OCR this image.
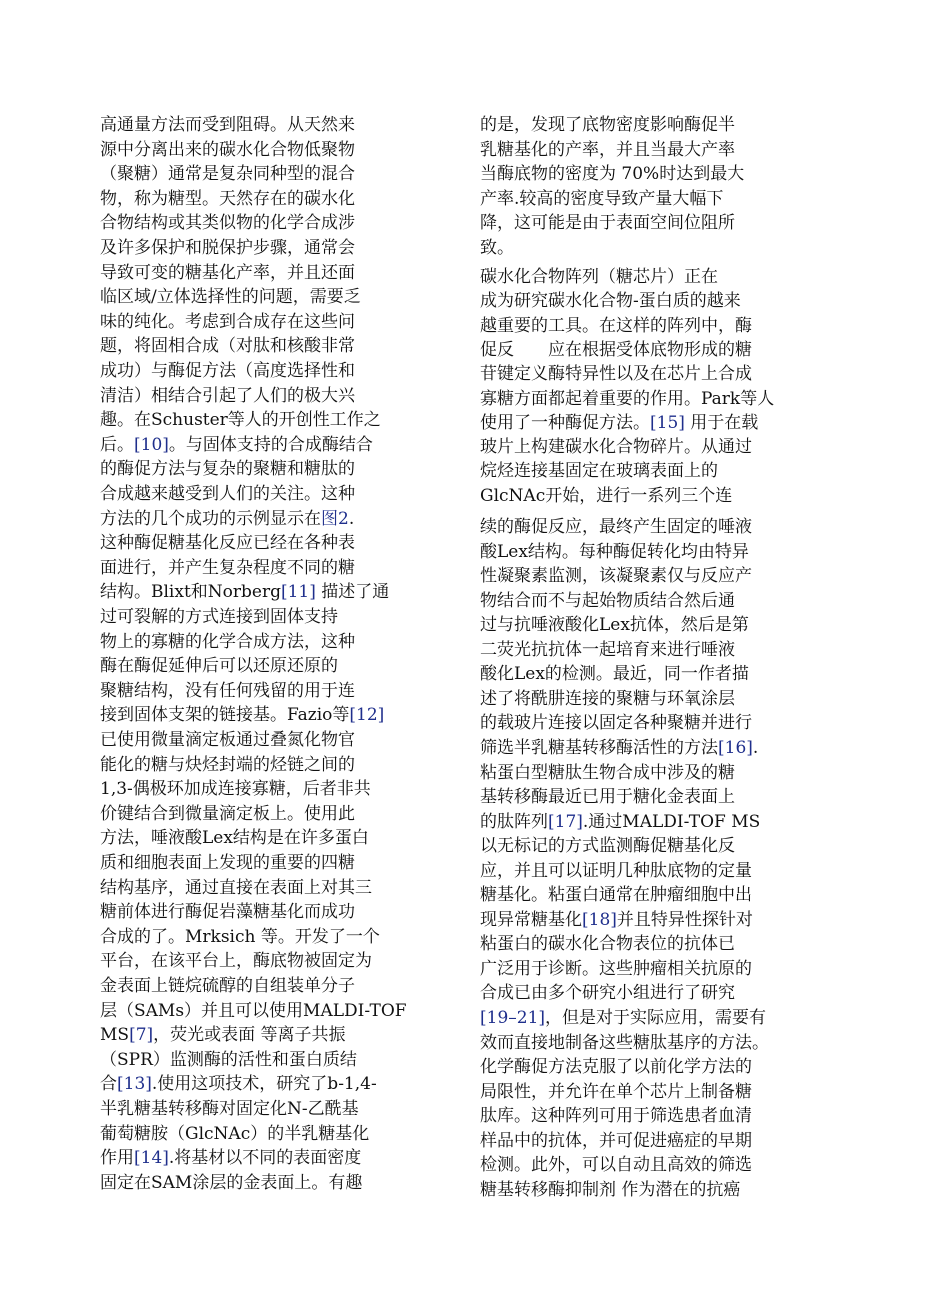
高通量方法而受到阻碍。从天然来
源中分离出来的碳水化合物低聚物
（聚糖）通常是复杂同种型的混合
物，称为糖型。天然存在的碳水化
合物结构或其类似物的化学合成涉
及许多保护和脱保护步骤，通常会
导致可变的糖基化产率，并且还面
临区域/立体选择性的问题，需要乏
味的纯化。考虑到合成存在这些问
题，将固相合成（对肽和核酸非常
成功）与酶促方法（高度选择性和
清洁）相结合引起了人们的极大兴
趣。在Schuster等人的开创性工作之
后。[10]。与固体支持的合成酶结合
的酶促方法与复杂的聚糖和糖肽的
合成越来越受到人们的关注。这种
方法的几个成功的示例显示在图2.
这种酶促糖基化反应已经在各种表
面进行，并产生复杂程度不同的糖
结构。Blixt和Norberg[11] 描述了通
过可裂解的方式连接到固体支持
物上的寡糖的化学合成方法，这种
酶在酶促延伸后可以还原还原的
聚糖结构，没有任何残留的用于连
接到固体支架的链接基。Fazio等[12]
已使用微量滴定板通过叠氮化物官
能化的糖与炔烃封端的烃链之间的
1,3-偶极环加成连接寡糖，后者非共
价键结合到微量滴定板上。使用此
方法，唾液酸Lex结构是在许多蛋白
质和细胞表面上发现的重要的四糖
结构基序，通过直接在表面上对其三
糖前体进行酶促岩藻糖基化而成功
合成的了。Mrksich 等。开发了一个
平台，在该平台上，酶底物被固定为
金表面上链烷硫醇的自组装单分子
层（SAMs）并且可以使用MALDI-TOF
MS[7]，荧光或表面 等离子共振
（SPR）监测酶的活性和蛋白质结
合[13].使用这项技术，研究了b-1,4-
半乳糖基转移酶对固定化N-乙酰基
葡萄糖胺（GlcNAc）的半乳糖基化
作用[14].将基材以不同的表面密度
固定在SAM涂层的金表面上。有趣
的是，发现了底物密度影响酶促半
乳糖基化的产率，并且当最大产率
当酶底物的密度为 70%时达到最大
产率.较高的密度导致产量大幅下
降，这可能是由于表面空间位阻所
致。
碳水化合物阵列（糖芯片）正在
成为研究碳水化合物-蛋白质的越来
越重要的工具。在这样的阵列中，酶
促反　　应在根据受体底物形成的糖
苷键定义酶特异性以及在芯片上合成
寡糖方面都起着重要的作用。Park等人
使用了一种酶促方法。[15] 用于在载
玻片上构建碳水化合物碎片。从通过
烷烃连接基固定在玻璃表面上的
GlcNAc开始，进行一系列三个连
续的酶促反应，最终产生固定的唾液
酸Lex结构。每种酶促转化均由特异
性凝聚素监测，该凝聚素仅与反应产
物结合而不与起始物质结合然后通
过与抗唾液酸化Lex抗体，然后是第
二荧光抗抗体一起培育来进行唾液
酸化Lex的检测。最近，同一作者描
述了将酰肼连接的聚糖与环氧涂层
的载玻片连接以固定各种聚糖并进行
筛选半乳糖基转移酶活性的方法[16].
粘蛋白型糖肽生物合成中涉及的糖
基转移酶最近已用于糖化金表面上
的肽阵列[17].通过MALDI-TOF MS
以无标记的方式监测酶促糖基化反
应，并且可以证明几种肽底物的定量
糖基化。粘蛋白通常在肿瘤细胞中出
现异常糖基化[18]并且特异性探针对
粘蛋白的碳水化合物表位的抗体已
广泛用于诊断。这些肿瘤相关抗原的
合成已由多个研究小组进行了研究
[19–21]，但是对于实际应用，需要有
效而直接地制备这些糖肽基序的方法。
化学酶促方法克服了以前化学方法的
局限性，并允许在单个芯片上制备糖
肽库。这种阵列可用于筛选患者血清
样品中的抗体，并可促进癌症的早期
检测。此外，可以自动且高效的筛选
糖基转移酶抑制剂 作为潜在的抗癌
